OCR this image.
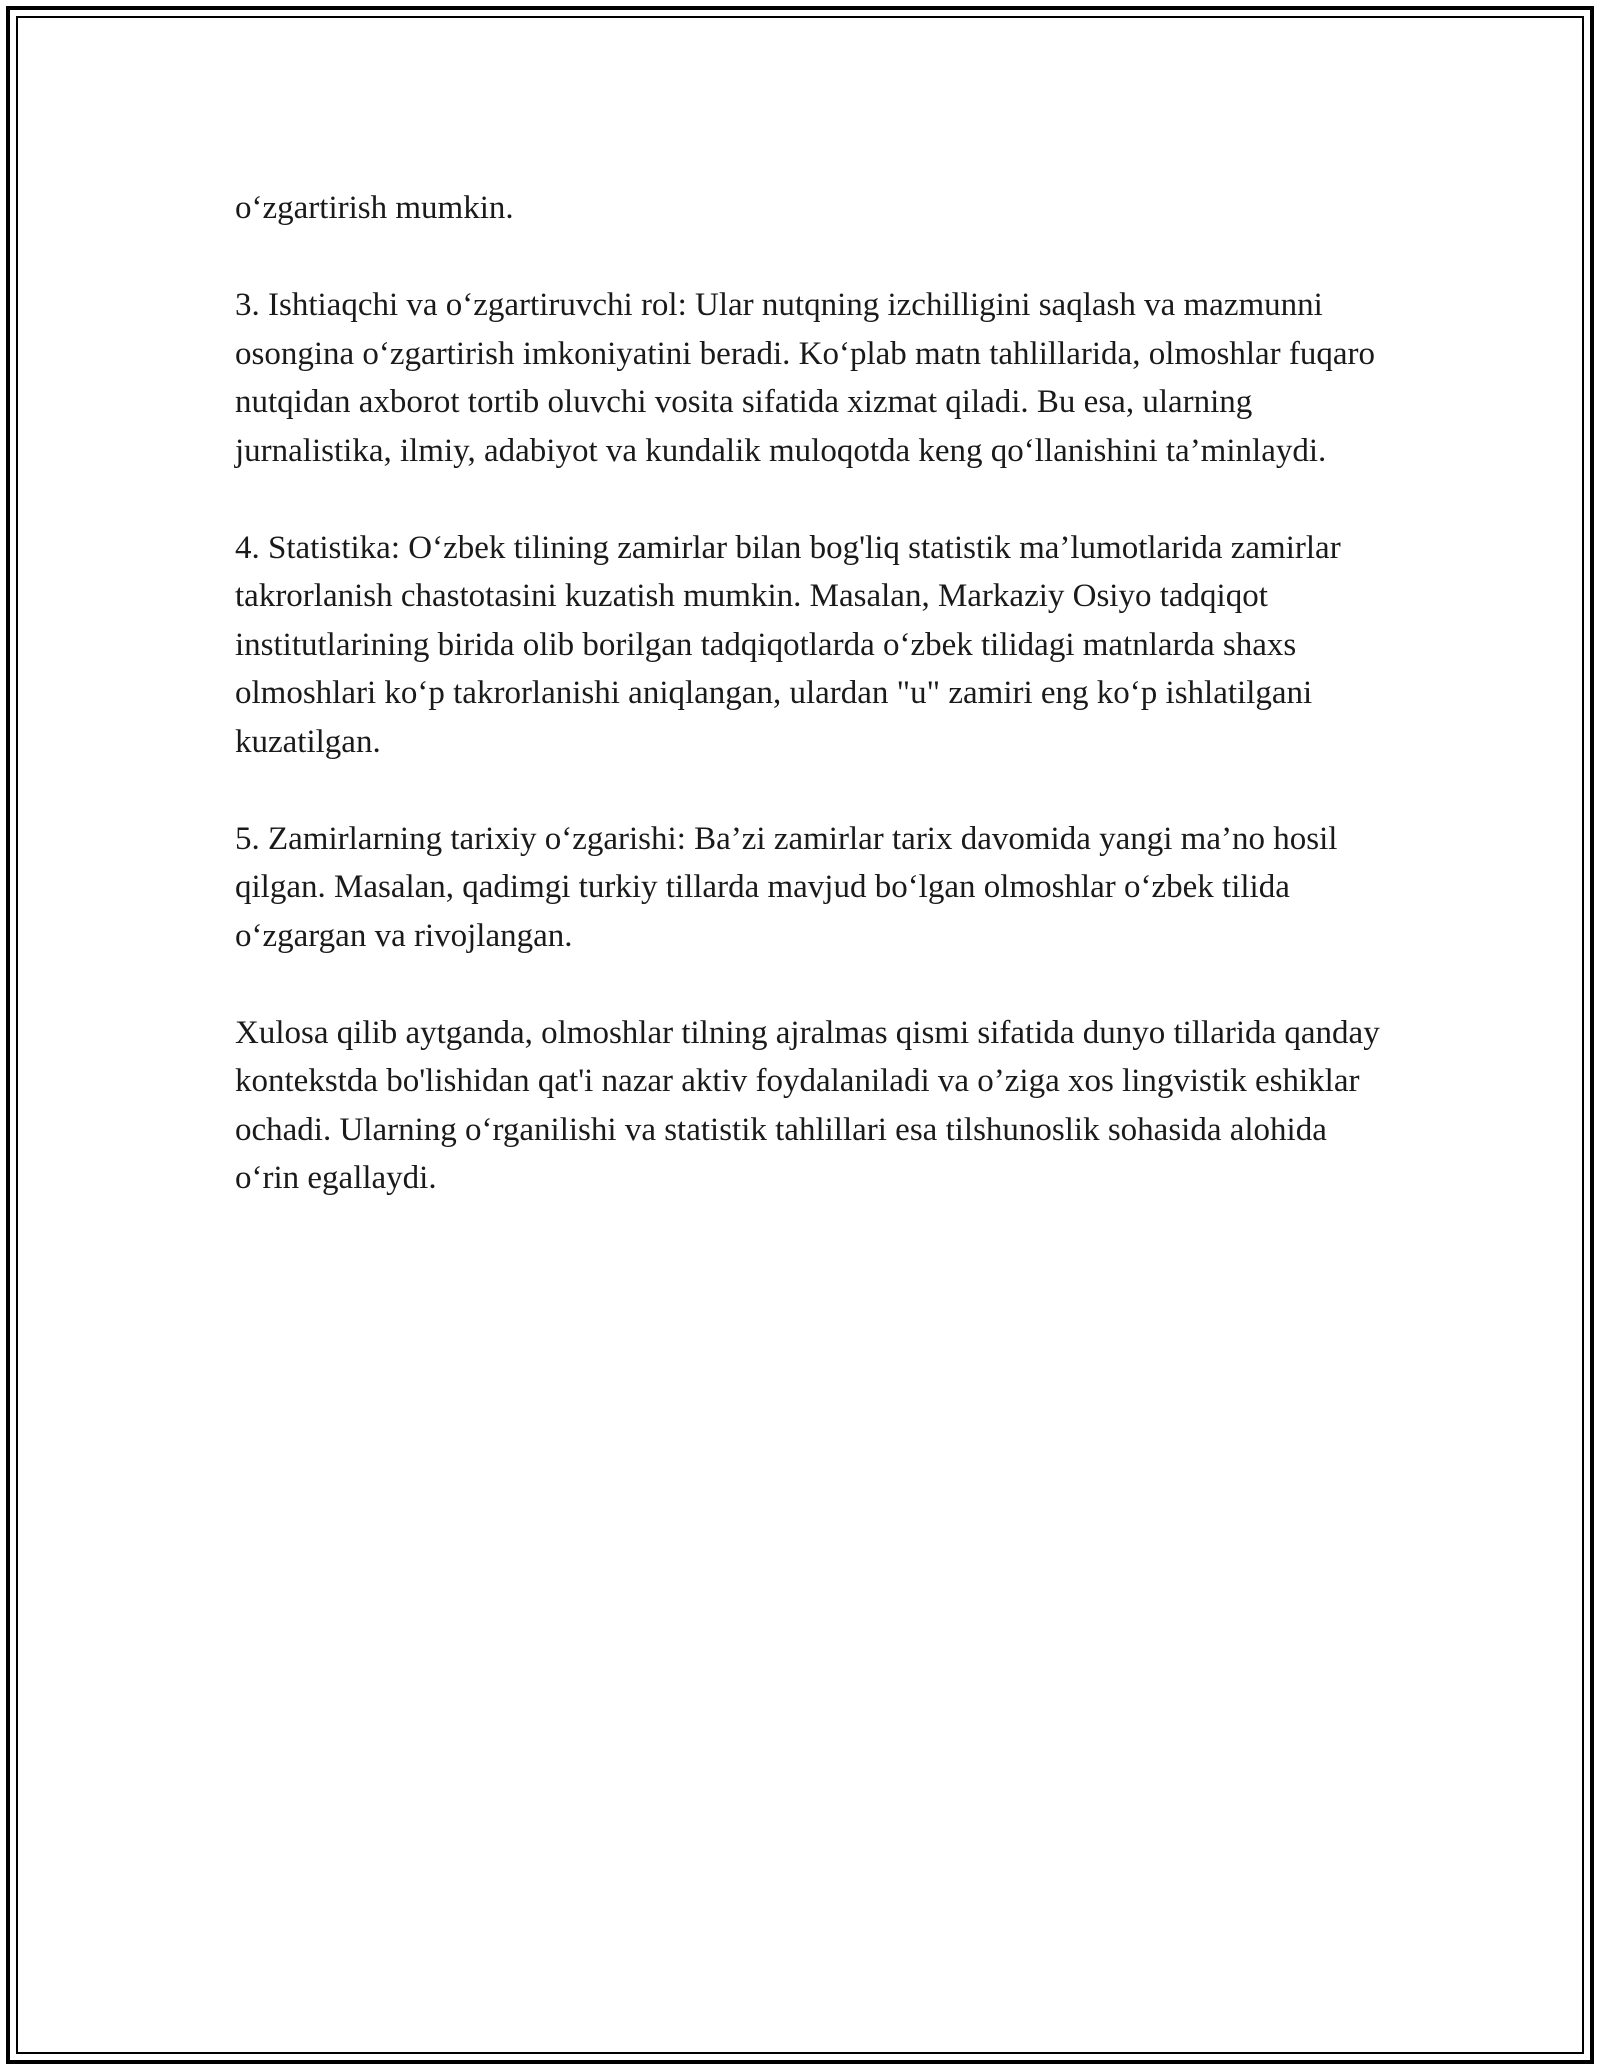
o‘zgartirish mumkin.

3. Ishtiaqchi va o‘zgartiruvchi rol: Ular nutqning izchilligini saqlash va mazmunni osongina o‘zgartirish imkoniyatini beradi. Ko‘plab matn tahlillarida, olmoshlar fuqaro nutqidan axborot tortib oluvchi vosita sifatida xizmat qiladi. Bu esa, ularning jurnalistika, ilmiy, adabiyot va kundalik muloqotda keng qo‘llanishini ta’minlaydi.

4. Statistika: O‘zbek tilining zamirlar bilan bog'liq statistik ma’lumotlarida zamirlar takrorlanish chastotasini kuzatish mumkin. Masalan, Markaziy Osiyo tadqiqot institutlarining birida olib borilgan tadqiqotlarda o‘zbek tilidagi matnlarda shaxs olmoshlari ko‘p takrorlanishi aniqlangan, ulardan "u" zamiri eng ko‘p ishlatilgani kuzatilgan.

5. Zamirlarning tarixiy o‘zgarishi: Ba’zi zamirlar tarix davomida yangi ma’no hosil qilgan. Masalan, qadimgi turkiy tillarda mavjud bo‘lgan olmoshlar o‘zbek tilida o‘zgargan va rivojlangan.

Xulosa qilib aytganda, olmoshlar tilning ajralmas qismi sifatida dunyo tillarida qanday kontekstda bo'lishidan qat'i nazar aktiv foydalaniladi va o’ziga xos lingvistik eshiklar ochadi. Ularning o‘rganilishi va statistik tahlillari esa tilshunoslik sohasida alohida o‘rin egallaydi.
